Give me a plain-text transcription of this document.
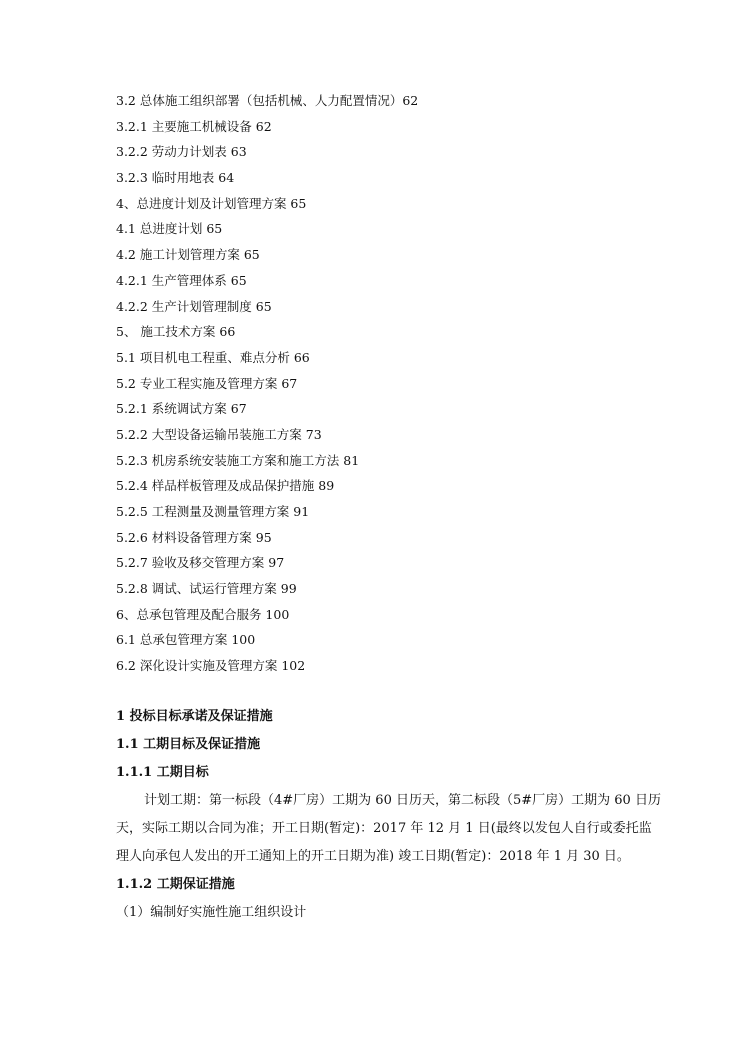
3.2 总体施工组织部署（包括机械、人力配置情况）62
3.2.1 主要施工机械设备 62
3.2.2 劳动力计划表 63
3.2.3 临时用地表 64
4、总进度计划及计划管理方案 65
4.1 总进度计划 65
4.2 施工计划管理方案 65
4.2.1 生产管理体系 65
4.2.2 生产计划管理制度 65
5、 施工技术方案 66
5.1 项目机电工程重、难点分析 66
5.2 专业工程实施及管理方案 67
5.2.1 系统调试方案 67
5.2.2 大型设备运输吊装施工方案 73
5.2.3 机房系统安装施工方案和施工方法 81
5.2.4 样品样板管理及成品保护措施 89
5.2.5 工程测量及测量管理方案 91
5.2.6 材料设备管理方案 95
5.2.7 验收及移交管理方案 97
5.2.8 调试、试运行管理方案 99
6、总承包管理及配合服务 100
6.1 总承包管理方案 100
6.2 深化设计实施及管理方案 102
1 投标目标承诺及保证措施
1.1 工期目标及保证措施
1.1.1 工期目标

计划工期：第一标段（4#厂房）工期为 60 日历天，第二标段（5#厂房）工期为 60 日历天，实际工期以合同为准；开工日期(暂定)：2017 年 12 月 1 日(最终以发包人自行或委托监理人向承包人发出的开工通知上的开工日期为准) 竣工日期(暂定)：2018 年 1 月 30 日。

1.1.2 工期保证措施
（1）编制好实施性施工组织设计
